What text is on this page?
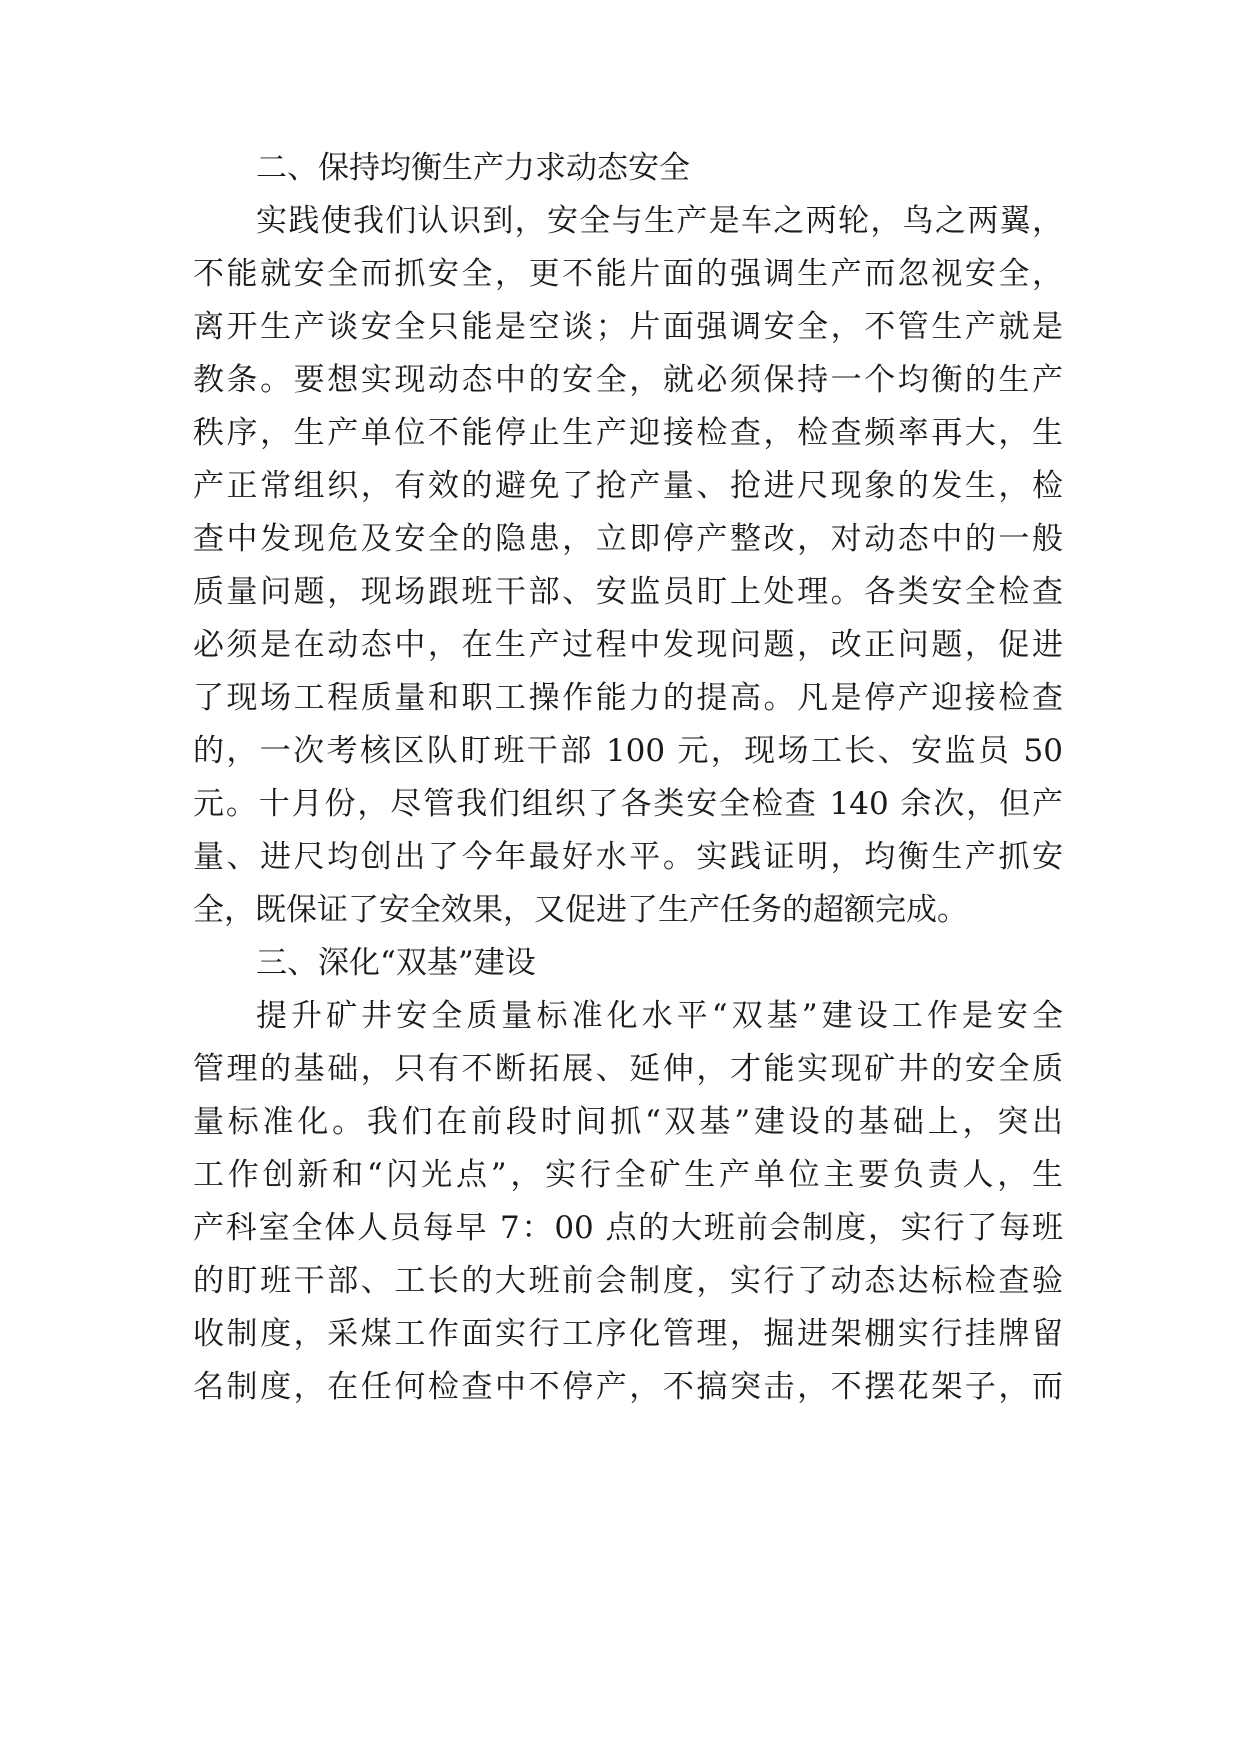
二、保持均衡生产力求动态安全
实践使我们认识到，安全与生产是车之两轮，鸟之两翼，
不能就安全而抓安全，更不能片面的强调生产而忽视安全，
离开生产谈安全只能是空谈；片面强调安全，不管生产就是
教条。要想实现动态中的安全，就必须保持一个均衡的生产
秩序，生产单位不能停止生产迎接检查，检查频率再大，生
产正常组织，有效的避免了抢产量、抢进尺现象的发生，检
查中发现危及安全的隐患，立即停产整改，对动态中的一般
质量问题，现场跟班干部、安监员盯上处理。各类安全检查
必须是在动态中，在生产过程中发现问题，改正问题，促进
了现场工程质量和职工操作能力的提高。凡是停产迎接检查
的，一次考核区队盯班干部 100 元，现场工长、安监员 50
元。十月份，尽管我们组织了各类安全检查 140 余次，但产
量、进尺均创出了今年最好水平。实践证明，均衡生产抓安
全，既保证了安全效果，又促进了生产任务的超额完成。
三、深化“双基”建设
提升矿井安全质量标准化水平“双基”建设工作是安全
管理的基础，只有不断拓展、延伸，才能实现矿井的安全质
量标准化。我们在前段时间抓“双基”建设的基础上，突出
工作创新和“闪光点”，实行全矿生产单位主要负责人，生
产科室全体人员每早 7：00 点的大班前会制度，实行了每班
的盯班干部、工长的大班前会制度，实行了动态达标检查验
收制度，采煤工作面实行工序化管理，掘进架棚实行挂牌留
名制度，在任何检查中不停产，不搞突击，不摆花架子，而
